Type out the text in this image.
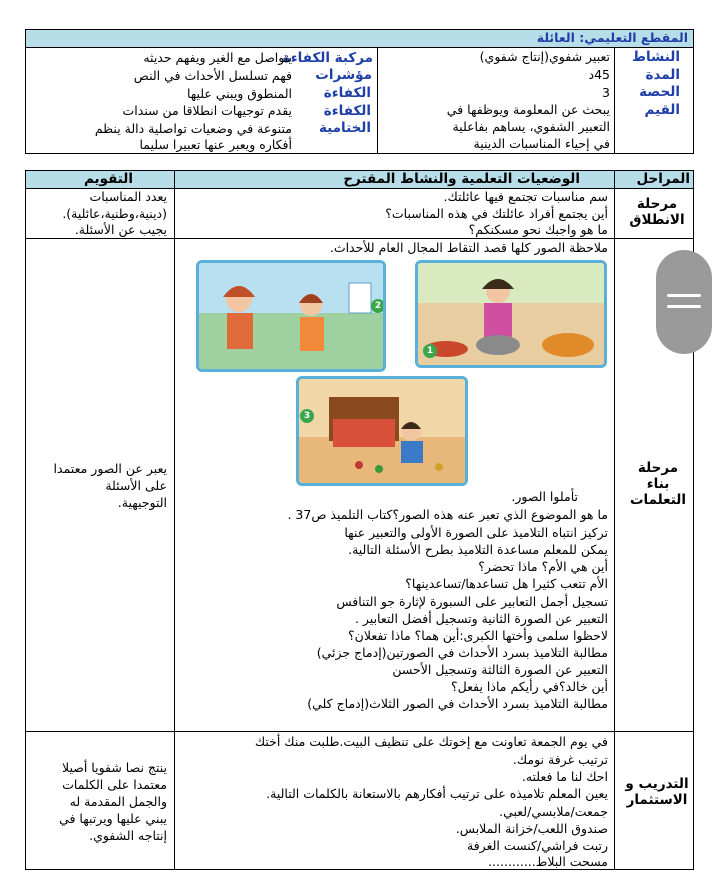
المقطع التعليمي: العائلة
النشاط
المدة
الحصة
القيم
تعبير شفوي(إنتاج شفوي)
45د
3
يبحث عن المعلومة ويوظفها في
التعبير الشفوي، يساهم بفاعلية
في إحياء المناسبات الدينية
مركبة الكفاءة
مؤشرات
الكفاءة
الكفاءة
الختامية
يتواصل مع الغير ويفهم حديثه
فهم تسلسل الأحداث في النص
المنطوق ويبني عليها
يقدم توجيهات انطلاقا من سندات
متنوعة في وضعيات تواصلية دالة ينظم
أفكاره ويعبر عنها تعبيرا سليما
المراحل
الوضعيات التعلمية والنشاط المقترح
التقويم
مرحلة الانطلاق
سم مناسبات تجتمع فيها عائلتك.
أين يجتمع أفراد عائلتك في هذه المناسبات؟
ما هو واجبك نحو مسكنكم؟
يعدد المناسبات
(دينية،وطنية،عائلية).
يجيب عن الأسئلة.
مرحلة بناء التعلمات
ملاحظة الصور كلها قصد التقاط المجال العام للأحداث.
2
1
3
تأملوا الصور.
ما هو الموضوع الذي تعبر عنه هذه الصور؟كتاب التلميذ ص37 .
تركيز انتباه التلاميذ على الصورة الأولى والتعبير عنها
يمكن للمعلم مساعدة التلاميذ بطرح الأسئلة التالية.
أين هي الأم؟ ماذا تحضر؟
الأم تتعب كثيرا هل تساعدها/تساعدينها؟
تسجيل أجمل التعابير على السبورة لإثارة جو التنافس
التعبير عن الصورة الثانية وتسجيل أفضل التعابير .
لاحظوا سلمى وأختها الكبرى:أين هما؟ ماذا تفعلان؟
مطالبة التلاميذ بسرد الأحداث في الصورتين(إدماج جزئي)
التعبير عن الصورة الثالثة وتسجيل الأحسن
أين خالد؟في رأيكم ماذا يفعل؟
مطالبة التلاميذ بسرد الأحداث في الصور الثلاث(إدماج كلي)
يعبر عن الصور معتمدا
على الأسئلة
التوجيهية.
التدريب و الاستثمار
في يوم الجمعة تعاونت مع إخوتك على تنظيف البيت.طلبت منك أختك
ترتيب غرفة نومك.
احك لنا ما فعلته.
يعين المعلم تلاميذه على ترتيب أفكارهم بالاستعانة بالكلمات التالية.
جمعت/ملابسي/لعبي.
صندوق اللعب/خزانة الملابس.
رتبت فراشي/كنست الغرفة
مسحت البلاط............
ينتج نصا شفويا أصيلا
معتمدا على الكلمات
والجمل المقدمة له
يبني عليها ويرتبها في
إنتاجه الشفوي.
